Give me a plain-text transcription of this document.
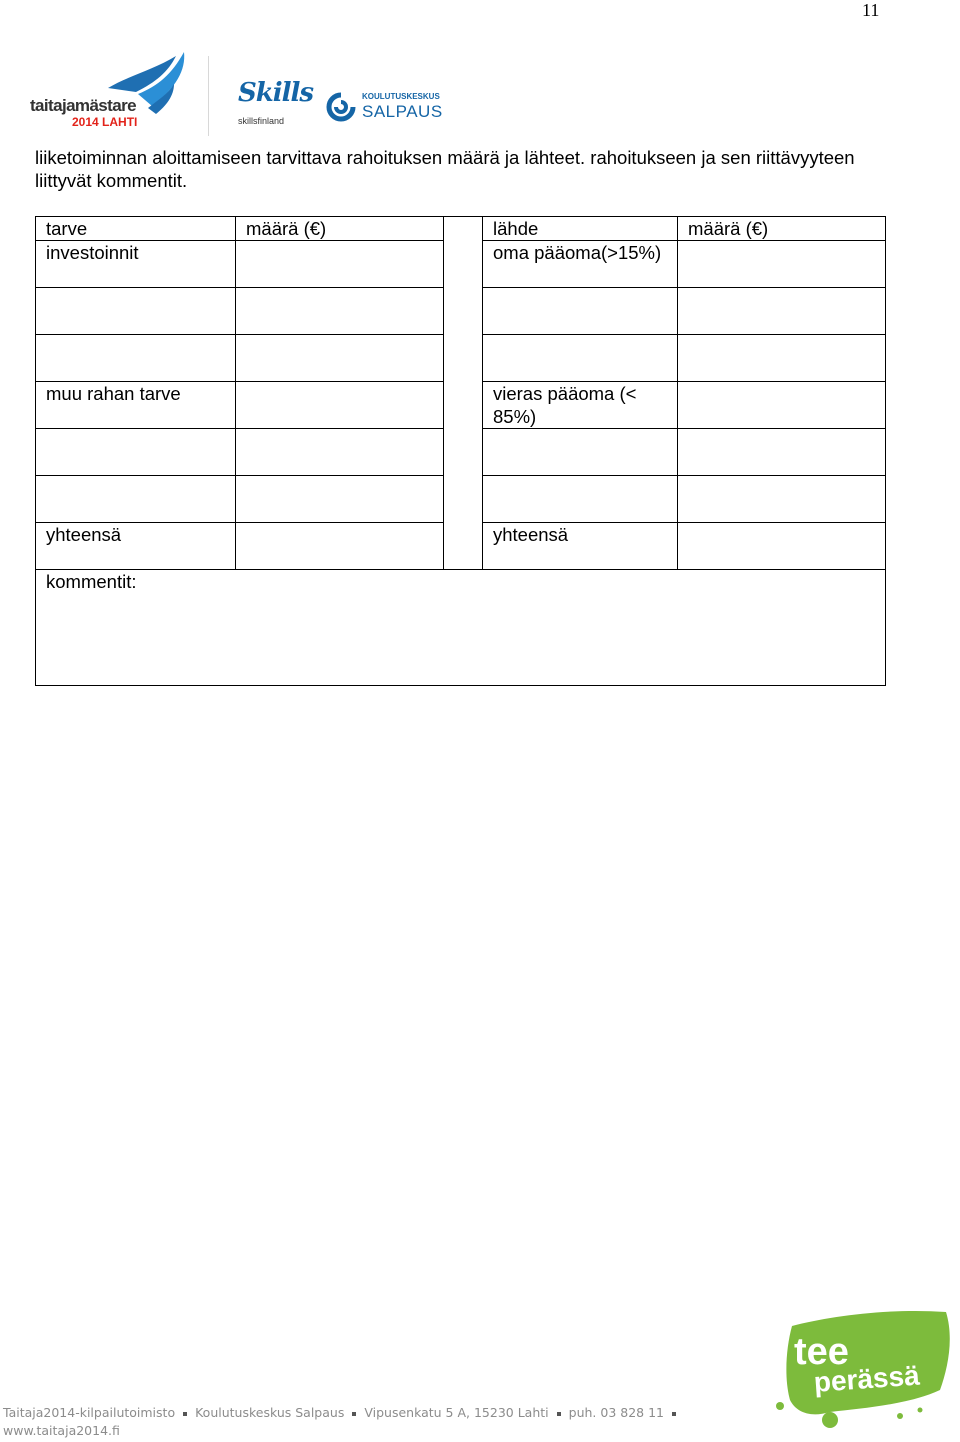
11
taitajamästare
2014 LAHTI
Skills
skillsfinland
KOULUTUSKESKUS
SALPAUS
liiketoiminnan aloittamiseen tarvittava rahoituksen määrä ja lähteet. rahoitukseen ja sen riittävyyteen liittyvät kommentit.
tarve	määrä (€)		lähde	määrä (€)
investoinnit			oma pääoma(>15%)	

muu rahan tarve			vieras pääoma (< 85%)	

yhteensä			yhteensä	
kommentit:				
tee
perässä
Taitaja2014-kilpailutoimisto Koulutuskeskus Salpaus Vipusenkatu 5 A, 15230 Lahti puh. 03 828 11
www.taitaja2014.fi
